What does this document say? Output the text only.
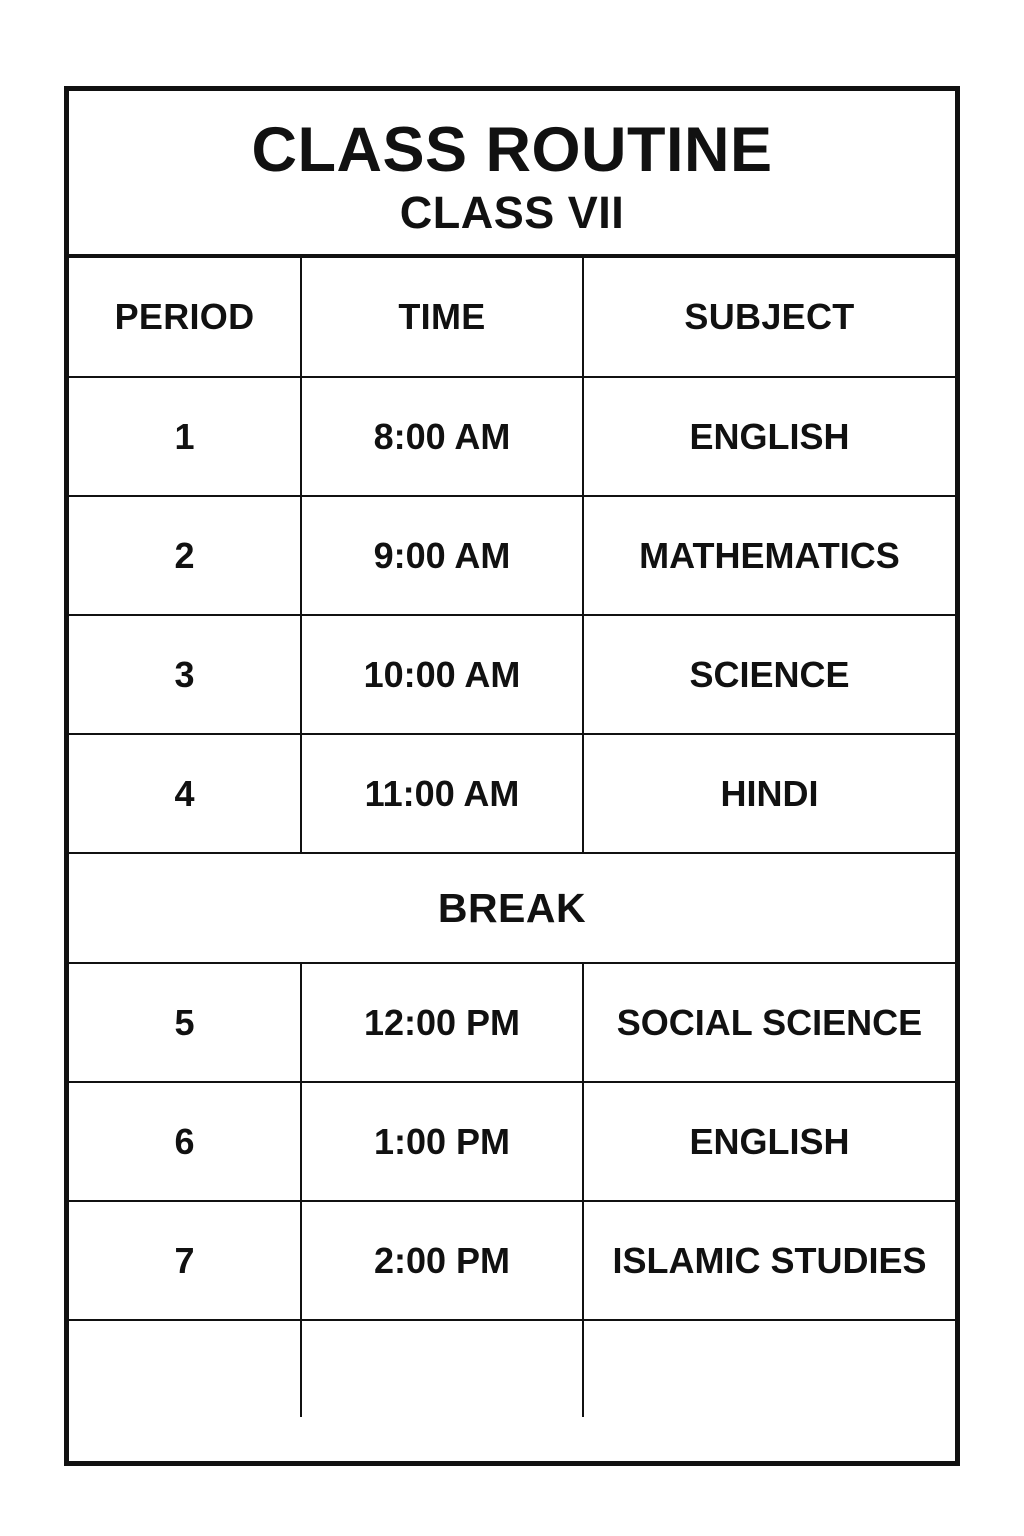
CLASS ROUTINE
CLASS VII
PERIOD	TIME	SUBJECT
1	8:00 AM	ENGLISH
2	9:00 AM	MATHEMATICS
3	10:00 AM	SCIENCE
4	11:00 AM	HINDI
BREAK		
5	12:00 PM	SOCIAL SCIENCE
6	1:00 PM	ENGLISH
7	2:00 PM	ISLAMIC STUDIES
